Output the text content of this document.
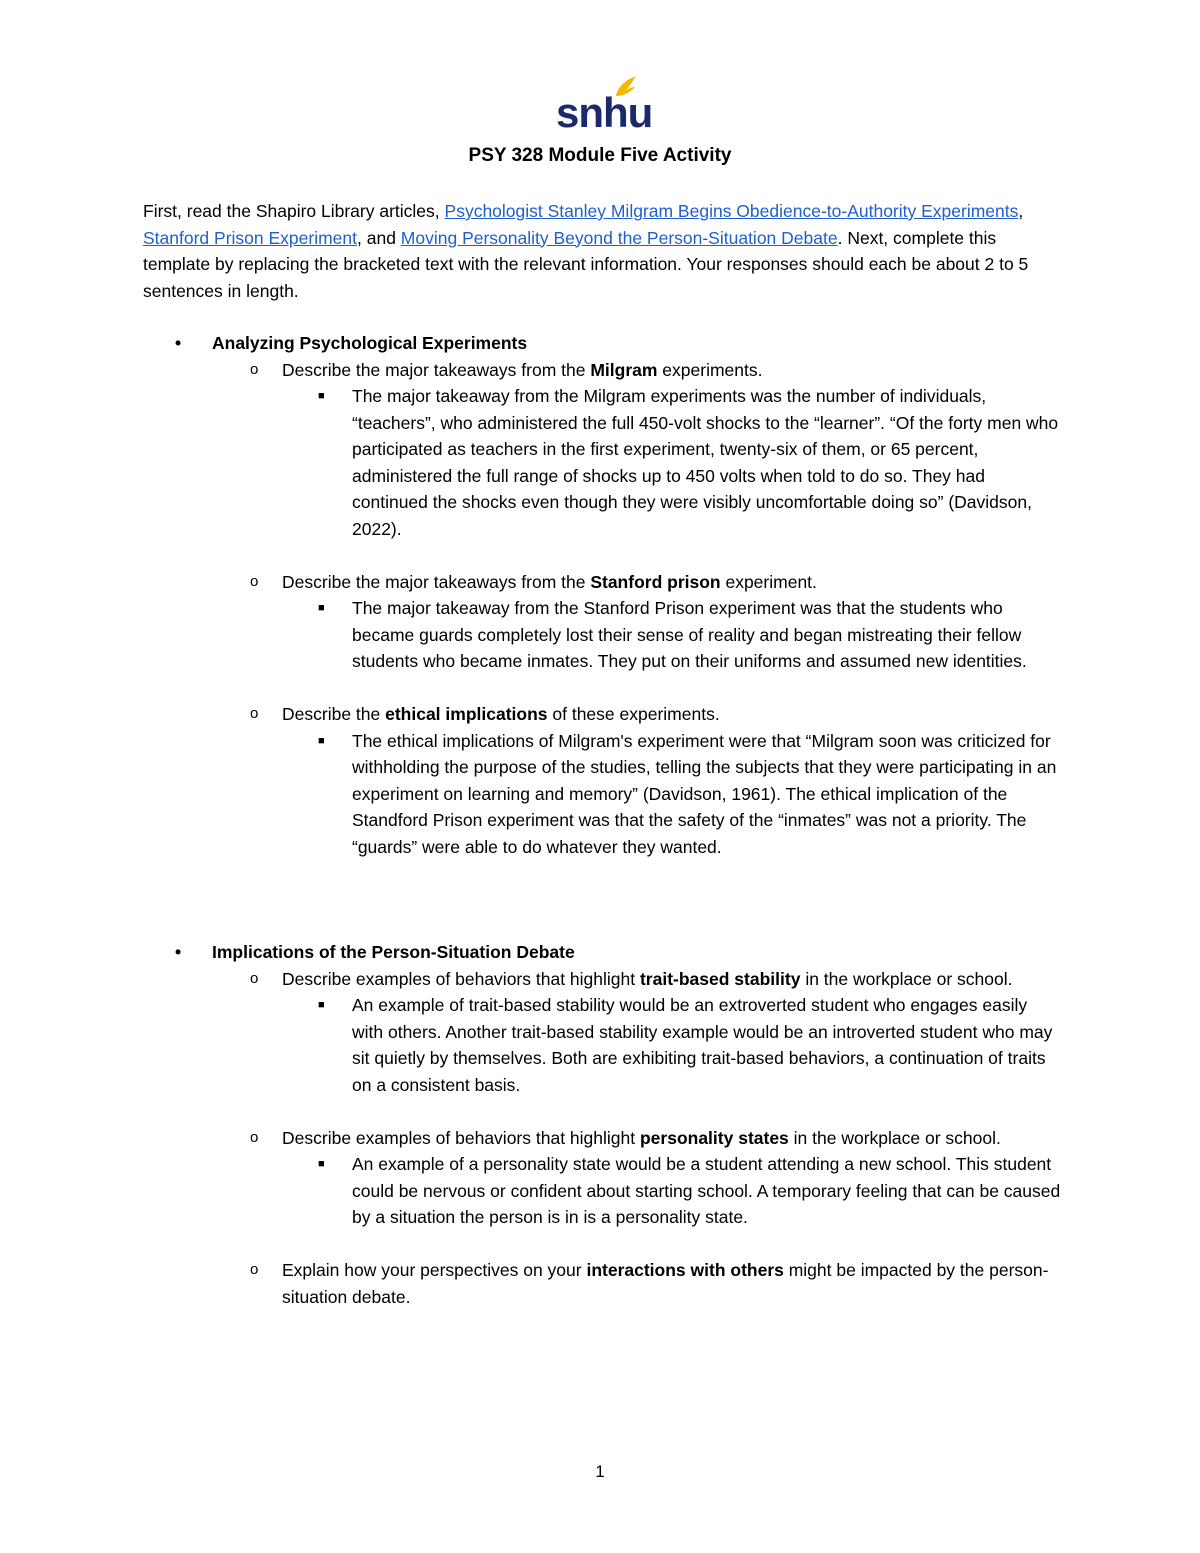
snhu
PSY 328 Module Five Activity

First, read the Shapiro Library articles, Psychologist Stanley Milgram Begins Obedience-to-Authority Experiments, Stanford Prison Experiment, and Moving Personality Beyond the Person-Situation Debate. Next, complete this template by replacing the bracketed text with the relevant information. Your responses should each be about 2 to 5 sentences in length.

• Analyzing Psychological Experiments
o Describe the major takeaways from the Milgram experiments.
■ The major takeaway from the Milgram experiments was the number of individuals, “teachers”, who administered the full 450-volt shocks to the “learner”. “Of the forty men who participated as teachers in the first experiment, twenty-six of them, or 65 percent, administered the full range of shocks up to 450 volts when told to do so. They had continued the shocks even though they were visibly uncomfortable doing so” (Davidson, 2022).
o Describe the major takeaways from the Stanford prison experiment.
■ The major takeaway from the Stanford Prison experiment was that the students who became guards completely lost their sense of reality and began mistreating their fellow students who became inmates. They put on their uniforms and assumed new identities.
o Describe the ethical implications of these experiments.
■ The ethical implications of Milgram's experiment were that “Milgram soon was criticized for withholding the purpose of the studies, telling the subjects that they were participating in an experiment on learning and memory” (Davidson, 1961). The ethical implication of the Standford Prison experiment was that the safety of the “inmates” was not a priority. The “guards” were able to do whatever they wanted.
• Implications of the Person-Situation Debate
o Describe examples of behaviors that highlight trait-based stability in the workplace or school.
■ An example of trait-based stability would be an extroverted student who engages easily with others. Another trait-based stability example would be an introverted student who may sit quietly by themselves. Both are exhibiting trait-based behaviors, a continuation of traits on a consistent basis.
o Describe examples of behaviors that highlight personality states in the workplace or school.
■ An example of a personality state would be a student attending a new school. This student could be nervous or confident about starting school. A temporary feeling that can be caused by a situation the person is in is a personality state.
o Explain how your perspectives on your interactions with others might be impacted by the person-situation debate.
1
